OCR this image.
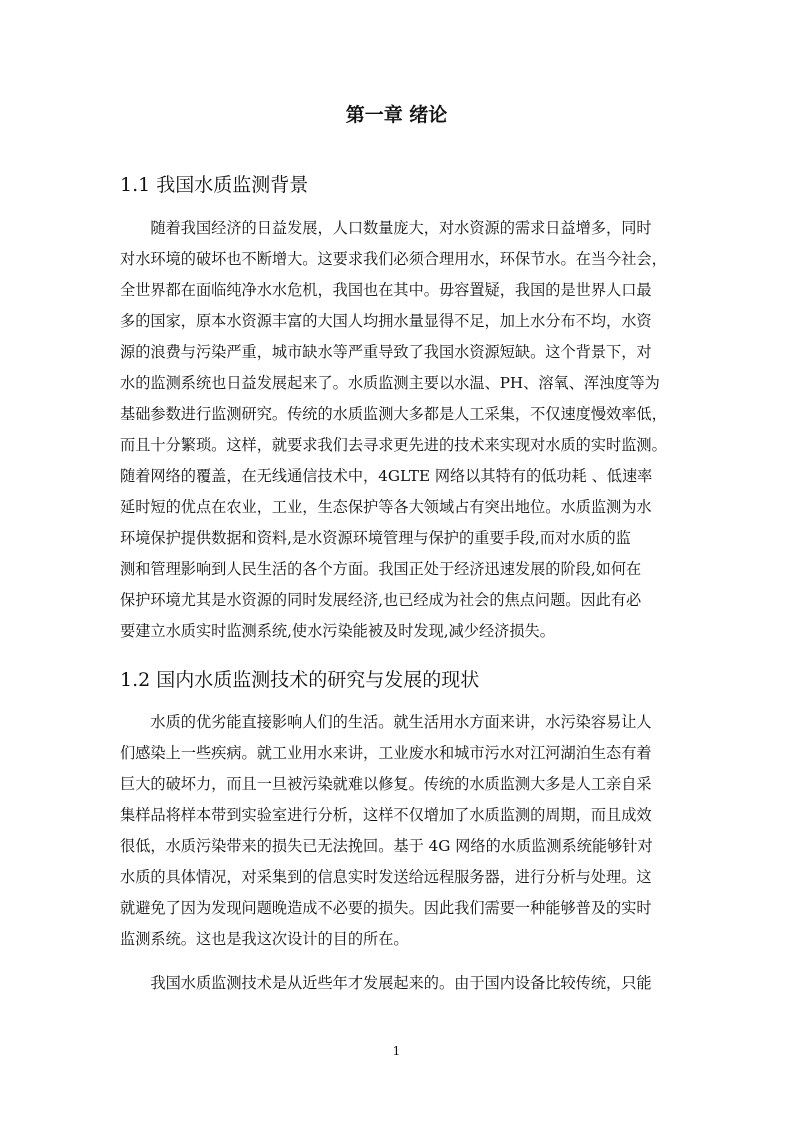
第一章 绪论
1.1 我国水质监测背景

　　随着我国经济的日益发展，人口数量庞大，对水资源的需求日益增多，同时

对水环境的破坏也不断增大。这要求我们必须合理用水，环保节水。在当今社会，

全世界都在面临纯净水水危机，我国也在其中。毋容置疑，我国的是世界人口最

多的国家，原本水资源丰富的大国人均拥水量显得不足，加上水分布不均，水资

源的浪费与污染严重，城市缺水等严重导致了我国水资源短缺。这个背景下，对

水的监测系统也日益发展起来了。水质监测主要以水温、PH、溶氧、浑浊度等为

基础参数进行监测研究。传统的水质监测大多都是人工采集，不仅速度慢效率低，

而且十分繁琐。这样，就要求我们去寻求更先进的技术来实现对水质的实时监测。

随着网络的覆盖，在无线通信技术中，4GLTE 网络以其特有的低功耗 、低速率

延时短的优点在农业，工业，生态保护等各大领域占有突出地位。水质监测为水

环境保护提供数据和资料,是水资源环境管理与保护的重要手段,而对水质的监

测和管理影响到人民生活的各个方面。我国正处于经济迅速发展的阶段,如何在

保护环境尤其是水资源的同时发展经济,也已经成为社会的焦点问题。因此有必

要建立水质实时监测系统,使水污染能被及时发现,减少经济损失。

1.2 国内水质监测技术的研究与发展的现状

　　水质的优劣能直接影响人们的生活。就生活用水方面来讲，水污染容易让人

们感染上一些疾病。就工业用水来讲，工业废水和城市污水对江河湖泊生态有着

巨大的破坏力，而且一旦被污染就难以修复。传统的水质监测大多是人工亲自采

集样品将样本带到实验室进行分析，这样不仅增加了水质监测的周期，而且成效

很低，水质污染带来的损失已无法挽回。基于 4G 网络的水质监测系统能够针对

水质的具体情况，对采集到的信息实时发送给远程服务器，进行分析与处理。这

就避免了因为发现问题晚造成不必要的损失。因此我们需要一种能够普及的实时

监测系统。这也是我这次设计的目的所在。

　　我国水质监测技术是从近些年才发展起来的。由于国内设备比较传统，只能

1
